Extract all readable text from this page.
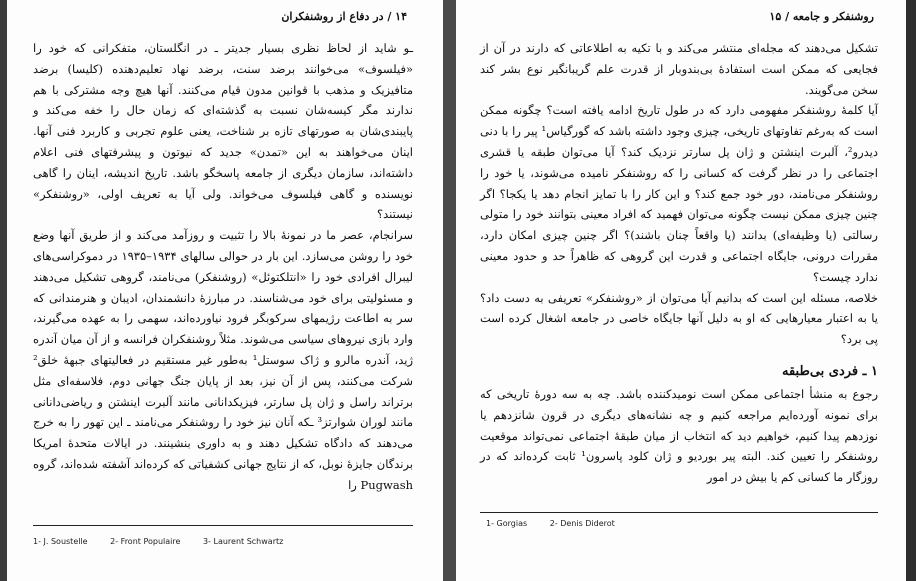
۱۴ / در دفاع از روشنفکران

ـو شاید از لحاظ نظری بسیار جدیتر ـ در انگلستان، متفکرانی که خود را «فیلسوف» می‌خوانند برضد سنت، برضد نهاد تعلیم‌دهنده (کلیسا) برضد متافیزیک و مذهب با قوانین مدون قیام می‌کنند. آنها هیچ وجه مشترکی با هم ندارند مگر کیسه‌شان نسبت به گذشته‌ای که زمان حال را خفه می‌کند و پایبندی‌شان به صورتهای تازه بر شناخت، یعنی علوم تجربی و کاربرد فنی آنها. اینان می‌خواهند به این «تمدن» جدید که نیوتون و پیشرفتهای فنی اعلام داشته‌اند، سازمان دیگری از جامعه پاسخگو باشد. تاریخ اندیشه، اینان را گاهی نویسنده و گاهی فیلسوف می‌خواند. ولی آیا به تعریف اولی، «روشنفکر» نیستند؟

سرانجام، عصر ما در نمونهٔ بالا را تثبیت و روزآمد می‌کند و از طریق آنها وضع خود را روشن می‌سازد. این بار در حوالی سالهای ۱۹۳۴–۱۹۳۵ در دموکراسی‌های لیبرال افرادی خود را «انتلکتوئل» (روشنفکر) می‌نامند، گروهی تشکیل می‌دهند و مسئولیتی برای خود می‌شناسند. در مبارزهٔ دانشمندان، ادیبان و هنرمندانی که سر به اطاعت رژیمهای سرکوبگر فرود نیاورده‌اند، سهمی را به عهده می‌گیرند، وارد بازی نیروهای سیاسی می‌شوند. مثلاً روشنفکران فرانسه و از آن میان آندره ژید، آندره مالرو و ژاک سوستل¹ به‌طور غیر مستقیم در فعالیتهای جبههٔ خلق² شرکت می‌کنند، پس از آن نیز، بعد از پایان جنگ جهانی دوم، فلاسفه‌ای مثل برتراند راسل و ژان پل سارتر، فیزیکدانانی مانند آلبرت اینشتن و ریاضی‌دانانی مانند لوران شوارتز³ ـکه آنان نیز خود را روشنفکر می‌نامند ـ این تهور را به خرج می‌دهند که دادگاه تشکیل دهند و به داوری بنشینند. در ایالات متحدهٔ امریکا برندگان جایزهٔ نوبل، که از نتایج جهانی کشفیاتی که کرده‌اند آشفته شده‌اند، گروه Pugwash را

1- J. Soustelle	2- Front Populaire	3- Laurent Schwartz
روشنفکر و جامعه / ۱۵

تشکیل می‌دهند که مجله‌ای منتشر می‌کند و با تکیه به اطلاعاتی که دارند در آن از فجایعی که ممکن است استفادهٔ بی‌بندوبار از قدرت علم گریبانگیر نوع بشر کند سخن می‌گویند.

آیا کلمهٔ روشنفکر مفهومی دارد که در طول تاریخ ادامه یافته است؟ چگونه ممکن است که به‌رغم تفاوتهای تاریخی، چیزی وجود داشته باشد که گورگیاس¹ پیر را با دنی دیدرو²، آلبرت اینشتن و ژان پل سارتر نزدیک کند؟ آیا می‌توان طبقه یا قشری اجتماعی را در نظر گرفت که کسانی را که روشنفکر نامیده می‌شوند، یا خود را روشنفکر می‌نامند، دور خود جمع کند؟ و این کار را با تمایز انجام دهد یا یکجا؟ اگر چنین چیزی ممکن نیست چگونه می‌توان فهمید که افراد معینی بتوانند خود را متولی رسالتی (یا وظیفه‌ای) بدانند (یا واقعاً چنان باشند)؟ اگر چنین چیزی امکان دارد، مقررات درونی، جایگاه اجتماعی و قدرت این گروهی که ظاهراً حد و حدود معینی ندارد چیست؟

خلاصه، مسئله این است که بدانیم آیا می‌توان از «روشنفکر» تعریفی به دست داد؟ یا به اعتبار معیارهایی که او به دلیل آنها جایگاه خاصی در جامعه اشغال کرده است پی برد؟

۱ ـ فردی بی‌طبقه

رجوع به منشأ اجتماعی ممکن است نومیدکننده باشد. چه به سه دورهٔ تاریخی که برای نمونه آورده‌ایم مراجعه کنیم و چه نشانه‌های دیگری در قرون شانزدهم یا نوزدهم پیدا کنیم، خواهیم دید که انتخاب از میان طبقهٔ اجتماعی نمی‌تواند موقعیت روشنفکر را تعیین کند. البته پیر بوردیو و ژان کلود پاسرون¹ ثابت کرده‌اند که در روزگار ما کسانی کم یا بیش در امور

1- Gorgias	2- Denis Diderot
